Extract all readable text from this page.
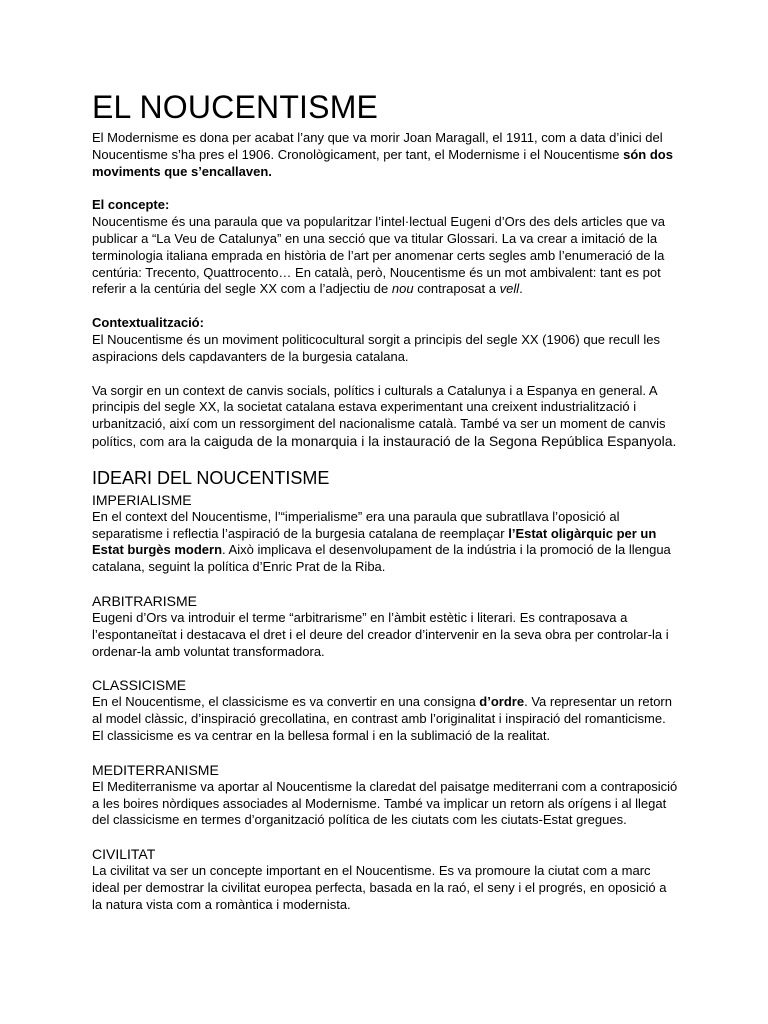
EL NOUCENTISME

El Modernisme es dona per acabat l’any que va morir Joan Maragall, el 1911, com a data d’inici del Noucentisme s’ha pres el 1906. Cronològicament, per tant, el Modernisme i el Noucentisme són dos moviments que s’encallaven.

El concepte:

Noucentisme és una paraula que va popularitzar l’intel·lectual Eugeni d’Ors des dels articles que va publicar a “La Veu de Catalunya” en una secció que va titular Glossari. La va crear a imitació de la terminologia italiana emprada en història de l’art per anomenar certs segles amb l’enumeració de la centúria: Trecento, Quattrocento… En català, però, Noucentisme és un mot ambivalent: tant es pot referir a la centúria del segle XX com a l’adjectiu de nou contraposat a vell.

Contextualització:

El Noucentisme és un moviment politicocultural sorgit a principis del segle XX (1906) que recull les aspiracions dels capdavanters de la burgesia catalana.

Va sorgir en un context de canvis socials, polítics i culturals a Catalunya i a Espanya en general. A principis del segle XX, la societat catalana estava experimentant una creixent industrialització i urbanització, així com un ressorgiment del nacionalisme català. També va ser un moment de canvis polítics, com ara la caiguda de la monarquia i la instauració de la Segona República Espanyola.

IDEARI DEL NOUCENTISME
IMPERIALISME

En el context del Noucentisme, l’“imperialisme” era una paraula que subratllava l’oposició al separatisme i reflectia l’aspiració de la burgesia catalana de reemplaçar l’Estat oligàrquic per un Estat burgès modern. Això implicava el desenvolupament de la indústria i la promoció de la llengua catalana, seguint la política d’Enric Prat de la Riba.

ARBITRARISME

Eugeni d’Ors va introduir el terme “arbitrarisme” en l’àmbit estètic i literari. Es contraposava a l’espontaneïtat i destacava el dret i el deure del creador d’intervenir en la seva obra per controlar-la i ordenar-la amb voluntat transformadora.

CLASSICISME

En el Noucentisme, el classicisme es va convertir en una consigna d’ordre. Va representar un retorn al model clàssic, d’inspiració grecollatina, en contrast amb l’originalitat i inspiració del romanticisme. El classicisme es va centrar en la bellesa formal i en la sublimació de la realitat.

MEDITERRANISME

El Mediterranisme va aportar al Noucentisme la claredat del paisatge mediterrani com a contraposició a les boires nòrdiques associades al Modernisme. També va implicar un retorn als orígens i al llegat del classicisme en termes d’organització política de les ciutats com les ciutats-Estat gregues.

CIVILITAT

La civilitat va ser un concepte important en el Noucentisme. Es va promoure la ciutat com a marc ideal per demostrar la civilitat europea perfecta, basada en la raó, el seny i el progrés, en oposició a la natura vista com a romàntica i modernista.
